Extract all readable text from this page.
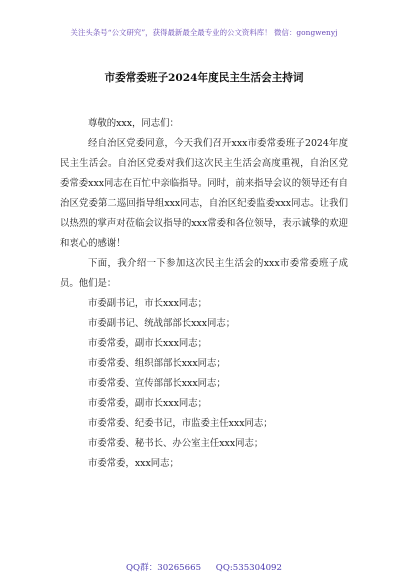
关注头条号“公文研究”，获得最新最全最专业的公文资料库！ 微信：gongwenyj
市委常委班子2024年度民主生活会主持词

尊敬的xxx，同志们：

经自治区党委同意，今天我们召开xxx市委常委班子2024年度民主生活会。自治区党委对我们这次民主生活会高度重视，自治区党委常委xxx同志在百忙中亲临指导。同时，前来指导会议的领导还有自治区党委第二巡回指导组xxx同志，自治区纪委监委xxx同志。让我们以热烈的掌声对莅临会议指导的xxx常委和各位领导，表示诚挚的欢迎和衷心的感谢！

下面，我介绍一下参加这次民主生活会的xxx市委常委班子成员。他们是：

市委副书记，市长xxx同志；
市委副书记、统战部部长xxx同志；
市委常委，副市长xxx同志；
市委常委、组织部部长xxx同志；
市委常委、宣传部部长xxx同志；
市委常委，副市长xxx同志；
市委常委、纪委书记，市监委主任xxx同志；
市委常委、秘书长、办公室主任xxx同志；
市委常委，xxx同志；
QQ群：30265665 QQ:535304092
